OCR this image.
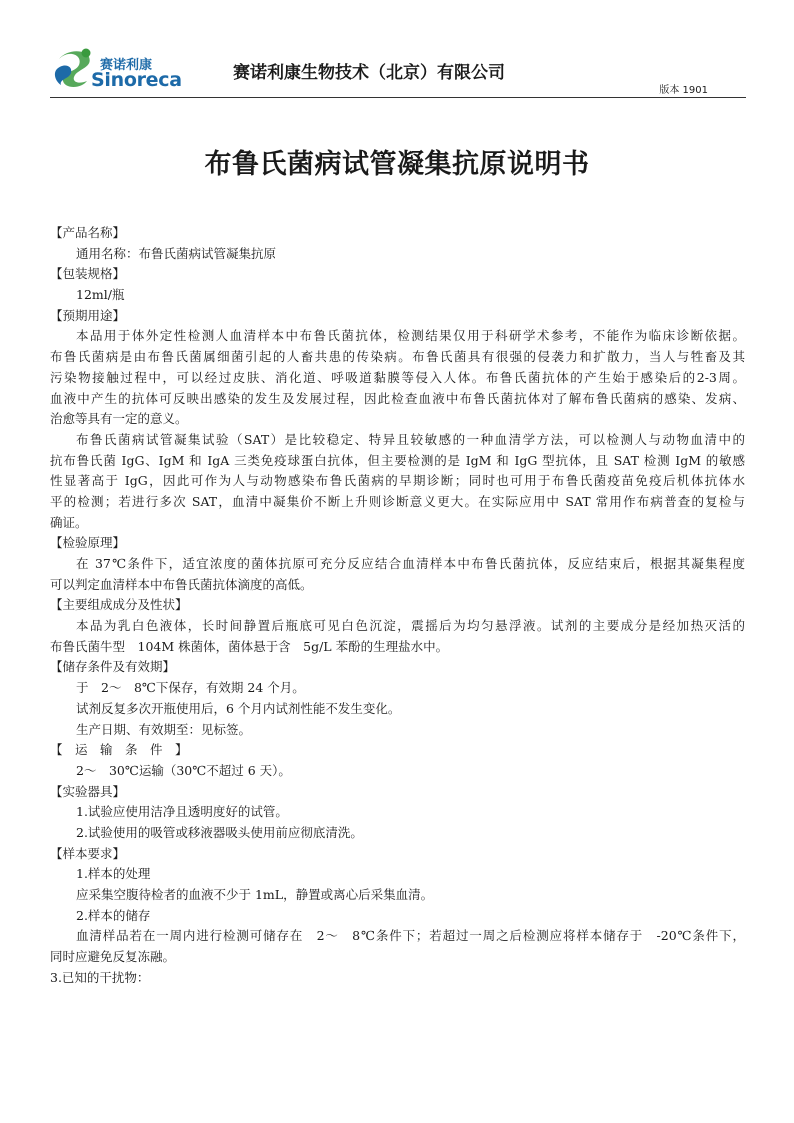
赛诺利康
Sinoreca	赛诺利康生物技术（北京）有限公司
版本 1901
布鲁氏菌病试管凝集抗原说明书
【产品名称】
通用名称：布鲁氏菌病试管凝集抗原
【包装规格】
12ml/瓶
【预期用途】
本品用于体外定性检测人血清样本中布鲁氏菌抗体，检测结果仅用于科研学术参考，不能作为临床诊断依据。
布鲁氏菌病是由布鲁氏菌属细菌引起的人畜共患的传染病。布鲁氏菌具有很强的侵袭力和扩散力，当人与牲畜及其
污染物接触过程中，可以经过皮肤、消化道、呼吸道黏膜等侵入人体。布鲁氏菌抗体的产生始于感染后的2-3周。
血液中产生的抗体可反映出感染的发生及发展过程，因此检查血液中布鲁氏菌抗体对了解布鲁氏菌病的感染、发病、
治愈等具有一定的意义。
布鲁氏菌病试管凝集试验（SAT）是比较稳定、特异且较敏感的一种血清学方法，可以检测人与动物血清中的
抗布鲁氏菌 IgG、IgM 和 IgA 三类免疫球蛋白抗体，但主要检测的是 IgM 和 IgG 型抗体，且 SAT 检测 IgM 的敏感
性显著高于 IgG，因此可作为人与动物感染布鲁氏菌病的早期诊断；同时也可用于布鲁氏菌疫苗免疫后机体抗体水
平的检测；若进行多次 SAT，血清中凝集价不断上升则诊断意义更大。在实际应用中 SAT 常用作布病普查的复检与
确证。
【检验原理】
在 37℃条件下，适宜浓度的菌体抗原可充分反应结合血清样本中布鲁氏菌抗体，反应结束后，根据其凝集程度
可以判定血清样本中布鲁氏菌抗体滴度的高低。
【主要组成成分及性状】
本品为乳白色液体，长时间静置后瓶底可见白色沉淀，震摇后为均匀悬浮液。试剂的主要成分是经加热灭活的
布鲁氏菌牛型　104M 株菌体，菌体悬于含　5g/L 苯酚的生理盐水中。
【储存条件及有效期】
于　2～　8℃下保存，有效期 24 个月。
试剂反复多次开瓶使用后，6 个月内试剂性能不发生变化。
生产日期、有效期至：见标签。
【　运　输　条　件　】
2～　30℃运输（30℃不超过 6 天）。
【实验器具】
1.试验应使用洁净且透明度好的试管。
2.试验使用的吸管或移液器吸头使用前应彻底清洗。
【样本要求】
1.样本的处理
应采集空腹待检者的血液不少于 1mL，静置或离心后采集血清。
2.样本的储存
血清样品若在一周内进行检测可储存在　2～　8℃条件下；若超过一周之后检测应将样本储存于　-20℃条件下，
同时应避免反复冻融。
3.已知的干扰物：
